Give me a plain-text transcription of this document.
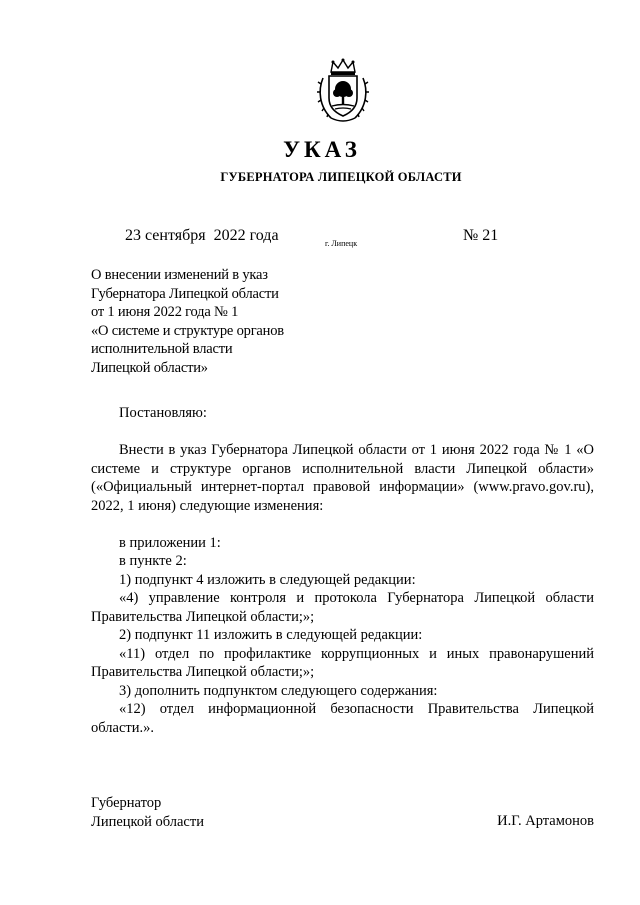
УКАЗ
ГУБЕРНАТОРА ЛИПЕЦКОЙ ОБЛАСТИ
23 сентября  2022 года	г. Липецк	№ 21
О внесении изменений в указ
Губернатора Липецкой области
от 1 июня 2022 года № 1
«О системе и структуре органов
исполнительной власти
Липецкой области»
Постановляю:

Внести в указ Губернатора Липецкой области от 1 июня 2022 года № 1 «О системе и структуре органов исполнительной власти Липецкой области» («Официальный интернет-портал правовой информации» (www.pravo.gov.ru), 2022, 1 июня) следующие изменения:

в приложении 1:

в пункте 2:

1) подпункт 4 изложить в следующей редакции:

«4) управление контроля и протокола Губернатора Липецкой области Правительства Липецкой области;»;

2) подпункт 11 изложить в следующей редакции:

«11) отдел по профилактике коррупционных и иных правонарушений Правительства Липецкой области;»;

3) дополнить подпунктом следующего содержания:

«12) отдел информационной безопасности Правительства Липецкой области.».

Губернатор
Липецкой области	И.Г. Артамонов
